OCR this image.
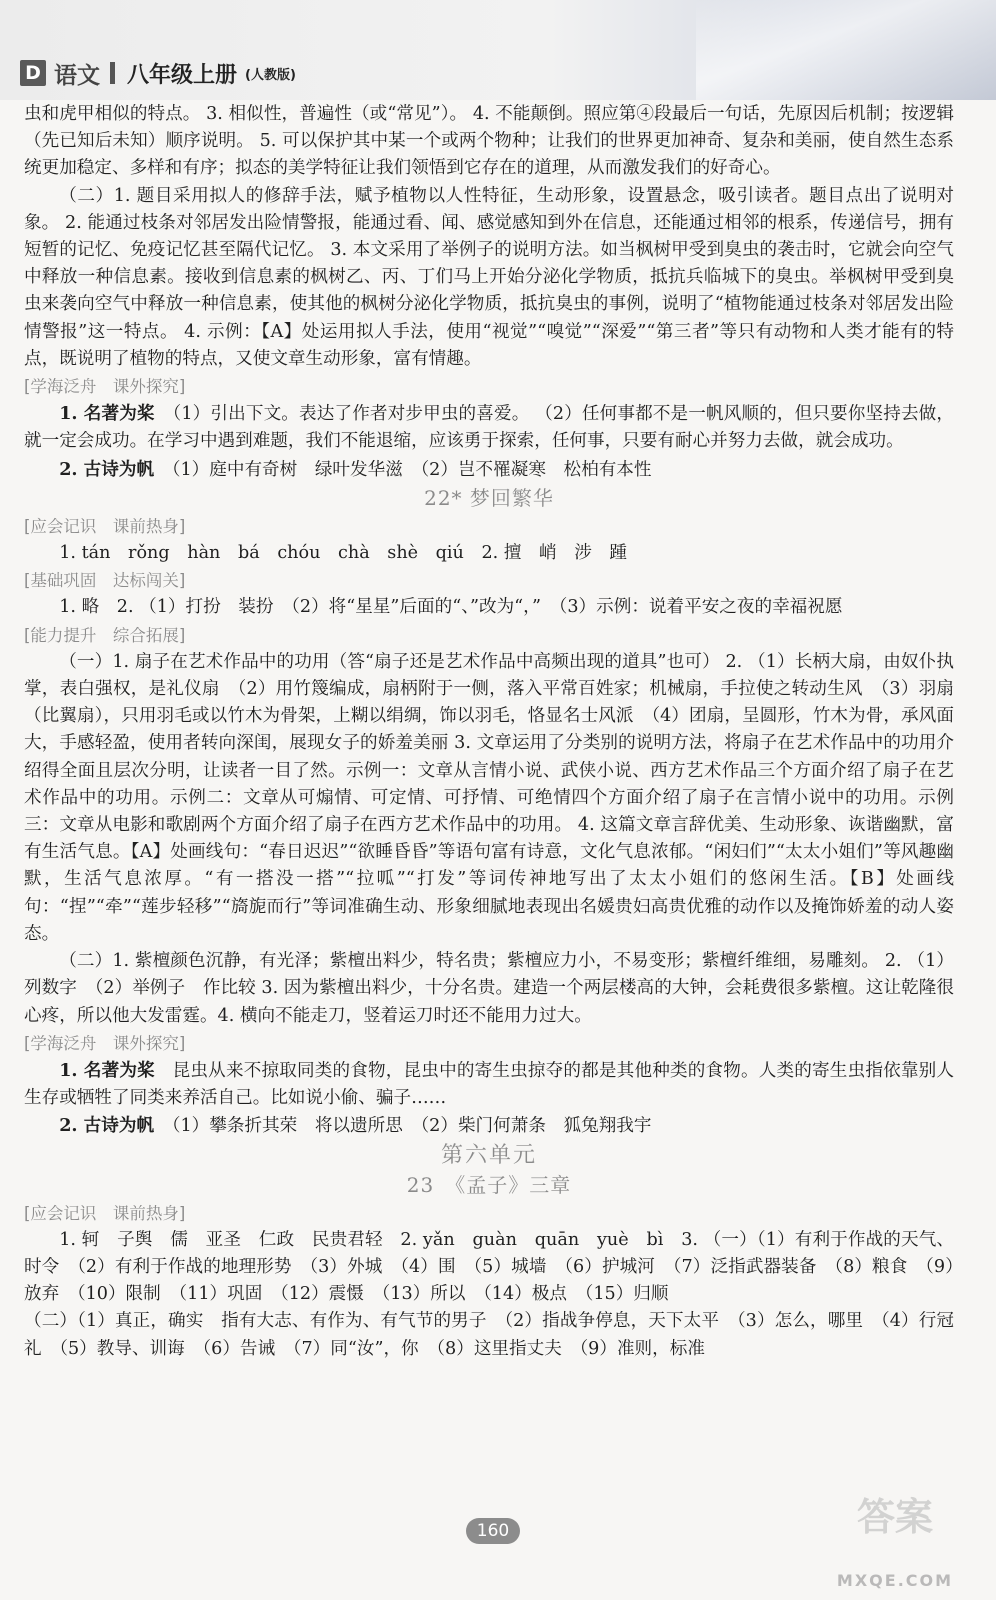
D 语文 八年级上册 (人教版)

虫和虎甲相似的特点。 3. 相似性，普遍性（或“常见”）。 4. 不能颠倒。照应第④段最后一句话，先原因后机制；按逻辑（先已知后未知）顺序说明。 5. 可以保护其中某一个或两个物种；让我们的世界更加神奇、复杂和美丽，使自然生态系统更加稳定、多样和有序；拟态的美学特征让我们领悟到它存在的道理，从而激发我们的好奇心。

（二）1. 题目采用拟人的修辞手法，赋予植物以人性特征，生动形象，设置悬念，吸引读者。题目点出了说明对象。 2. 能通过枝条对邻居发出险情警报，能通过看、闻、感觉感知到外在信息，还能通过相邻的根系，传递信号，拥有短暂的记忆、免疫记忆甚至隔代记忆。 3. 本文采用了举例子的说明方法。如当枫树甲受到臭虫的袭击时，它就会向空气中释放一种信息素。接收到信息素的枫树乙、丙、丁们马上开始分泌化学物质，抵抗兵临城下的臭虫。举枫树甲受到臭虫来袭向空气中释放一种信息素，使其他的枫树分泌化学物质，抵抗臭虫的事例，说明了“植物能通过枝条对邻居发出险情警报”这一特点。 4. 示例：【A】处运用拟人手法，使用“视觉”“嗅觉”“深爱”“第三者”等只有动物和人类才能有的特点，既说明了植物的特点，又使文章生动形象，富有情趣。

[学海泛舟　课外探究]

1. 名著为桨　 （1）引出下文。表达了作者对步甲虫的喜爱。 （2）任何事都不是一帆风顺的，但只要你坚持去做，就一定会成功。在学习中遇到难题，我们不能退缩，应该勇于探索，任何事，只要有耐心并努力去做，就会成功。

2. 古诗为帆　 （1）庭中有奇树　绿叶发华滋　（2）岂不罹凝寒　松柏有本性

22* 梦回繁华
[应会记识　课前热身]

1. tán　rǒng　hàn　bá　chóu　chà　shè　qiú　2. 擅　峭　涉　踵

[基础巩固　达标闯关]

1. 略　2. （1）打扮　装扮　（2）将“星星”后面的“、”改为“，”　（3）示例：说着平安之夜的幸福祝愿

[能力提升　综合拓展]

（一）1. 扇子在艺术作品中的功用（答“扇子还是艺术作品中高频出现的道具”也可） 2. （1）长柄大扇，由奴仆执掌，表白强权，是礼仪扇　（2）用竹篾编成，扇柄附于一侧，落入平常百姓家；机械扇，手拉使之转动生风　（3）羽扇（比翼扇），只用羽毛或以竹木为骨架，上糊以绢绸，饰以羽毛，恪显名士风派　（4）团扇，呈圆形，竹木为骨，承风面大，手感轻盈，使用者转向深闺，展现女子的娇羞美丽 3. 文章运用了分类别的说明方法，将扇子在艺术作品中的功用介绍得全面且层次分明，让读者一目了然。示例一：文章从言情小说、武侠小说、西方艺术作品三个方面介绍了扇子在艺术作品中的功用。示例二：文章从可煽情、可定情、可抒情、可绝情四个方面介绍了扇子在言情小说中的功用。示例三：文章从电影和歌剧两个方面介绍了扇子在西方艺术作品中的功用。 4. 这篇文章言辞优美、生动形象、诙谐幽默，富有生活气息。【A】处画线句：“春日迟迟”“欲睡昏昏”等语句富有诗意，文化气息浓郁。“闲妇们”“太太小姐们”等风趣幽默，生活气息浓厚。“有一搭没一搭”“拉呱”“打发”等词传神地写出了太太小姐们的悠闲生活。【B】处画线句：“捏”“牵”“莲步轻移”“旖旎而行”等词准确生动、形象细腻地表现出名媛贵妇高贵优雅的动作以及掩饰娇羞的动人姿态。

（二）1. 紫檀颜色沉静，有光泽；紫檀出料少，特名贵；紫檀应力小，不易变形；紫檀纤维细，易雕刻。 2. （1）列数字　（2）举例子　作比较 3. 因为紫檀出料少，十分名贵。建造一个两层楼高的大钟，会耗费很多紫檀。这让乾隆很心疼，所以他大发雷霆。4. 横向不能走刀，竖着运刀时还不能用力过大。

[学海泛舟　课外探究]

1. 名著为桨　 昆虫从来不掠取同类的食物，昆虫中的寄生虫掠夺的都是其他种类的食物。人类的寄生虫指依靠别人生存或牺牲了同类来养活自己。比如说小偷、骗子……

2. 古诗为帆　 （1）攀条折其荣　将以遗所思　（2）柴门何萧条　狐兔翔我宇

第六单元
23　《孟子》三章
[应会记识　课前热身]

1. 轲　子舆　儒　亚圣　仁政　民贵君轻　2. yǎn　guàn　quān　yuè　bì　3. （一）（1）有利于作战的天气、时令　（2）有利于作战的地理形势　（3）外城　（4）围　（5）城墙　（6）护城河　（7）泛指武器装备　（8）粮食　（9）放弃　（10）限制　（11）巩固　（12）震慑　（13）所以　（14）极点　（15）归顺

（二）（1）真正，确实　指有大志、有作为、有气节的男子　（2）指战争停息，天下太平　（3）怎么，哪里　（4）行冠礼　（5）教导、训诲　（6）告诫　（7）同“汝”，你　（8）这里指丈夫　（9）准则，标准

160	答案
MXQE.COM
